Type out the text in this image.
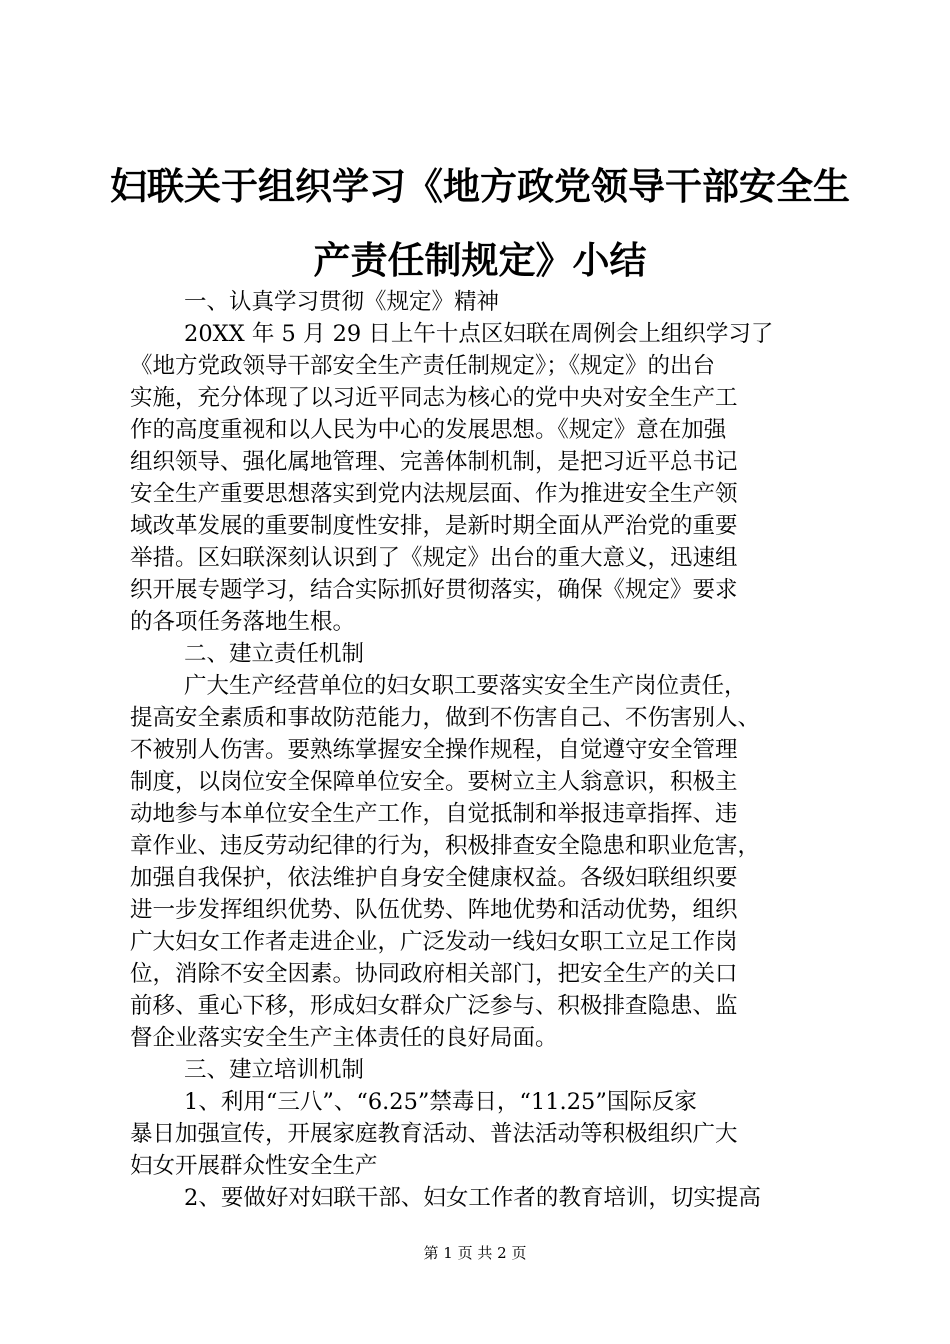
妇联关于组织学习《地方政党领导干部安全生
产责任制规定》小结
一、认真学习贯彻《规定》精神
20XX 年 5 月 29 日上午十点区妇联在周例会上组织学习了
《地方党政领导干部安全生产责任制规定》；《规定》的出台
实施，充分体现了以习近平同志为核心的党中央对安全生产工
作的高度重视和以人民为中心的发展思想。《规定》意在加强
组织领导、强化属地管理、完善体制机制，是把习近平总书记
安全生产重要思想落实到党内法规层面、作为推进安全生产领
域改革发展的重要制度性安排，是新时期全面从严治党的重要
举措。区妇联深刻认识到了《规定》出台的重大意义，迅速组
织开展专题学习，结合实际抓好贯彻落实，确保《规定》要求
的各项任务落地生根。
二、建立责任机制
广大生产经营单位的妇女职工要落实安全生产岗位责任，
提高安全素质和事故防范能力，做到不伤害自己、不伤害别人、
不被别人伤害。要熟练掌握安全操作规程，自觉遵守安全管理
制度，以岗位安全保障单位安全。要树立主人翁意识，积极主
动地参与本单位安全生产工作，自觉抵制和举报违章指挥、违
章作业、违反劳动纪律的行为，积极排查安全隐患和职业危害，
加强自我保护，依法维护自身安全健康权益。各级妇联组织要
进一步发挥组织优势、队伍优势、阵地优势和活动优势，组织
广大妇女工作者走进企业，广泛发动一线妇女职工立足工作岗
位，消除不安全因素。协同政府相关部门，把安全生产的关口
前移、重心下移，形成妇女群众广泛参与、积极排查隐患、监
督企业落实安全生产主体责任的良好局面。
三、建立培训机制
1、利用“三八”、“6.25”禁毒日，“11.25”国际反家
暴日加强宣传，开展家庭教育活动、普法活动等积极组织广大
妇女开展群众性安全生产
2、要做好对妇联干部、妇女工作者的教育培训，切实提高
第 1 页 共 2 页
